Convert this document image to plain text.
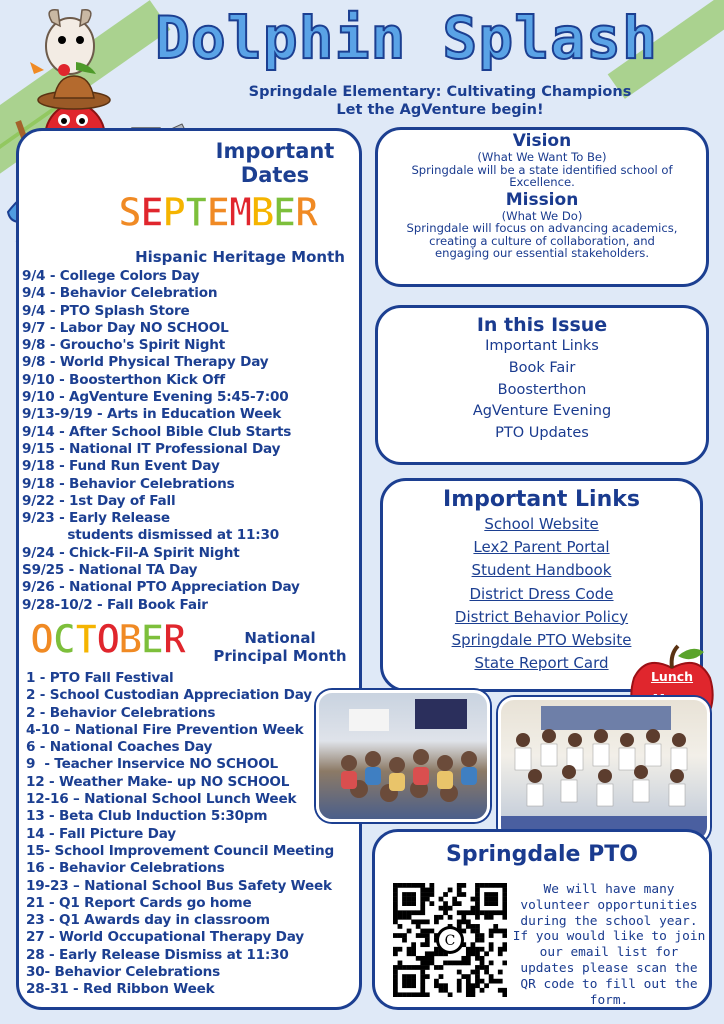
Dolphin Splash
Springdale Elementary: Cultivating Champions
Let the AgVenture begin!
Important Dates
SEPTEMBER
Hispanic Heritage Month
9/4 - College Colors Day
9/4 - Behavior Celebration
9/4 - PTO Splash Store
9/7 - Labor Day NO SCHOOL
9/8 - Groucho's Spirit Night
9/8 - World Physical Therapy Day
9/10 - Boosterthon Kick Off
9/10 - AgVenture Evening 5:45-7:00
9/13-9/19 - Arts in Education Week
9/14 - After School Bible Club Starts
9/15 - National IT Professional Day
9/18 - Fund Run Event Day
9/18 - Behavior Celebrations
9/22 - 1st Day of Fall
9/23 - Early Release
students dismissed at 11:30
9/24 - Chick-Fil-A Spirit Night
S9/25 - National TA Day
9/26 - National PTO Appreciation Day
9/28-10/2 - Fall Book Fair
OCTOBER	National
Principal Month
1 - PTO Fall Festival
2 - School Custodian Appreciation Day
2 - Behavior Celebrations
4-10 – National Fire Prevention Week
6 - National Coaches Day
9  - Teacher Inservice NO SCHOOL
12 - Weather Make- up NO SCHOOL
12-16 – National School Lunch Week
13 - Beta Club Induction 5:30pm
14 - Fall Picture Day
15- School Improvement Council Meeting
16 - Behavior Celebrations
19-23 – National School Bus Safety Week
21 - Q1 Report Cards go home
23 - Q1 Awards day in classroom
27 - World Occupational Therapy Day
28 - Early Release Dismiss at 11:30
30- Behavior Celebrations
28-31 - Red Ribbon Week
Vision

(What We Want To Be)

Springdale will be a state identified school of Excellence.

Mission

(What We Do)

Springdale will focus on advancing academics, creating a culture of collaboration, and engaging our essential stakeholders.

In this Issue
Important Links
Book Fair
Boosterthon
AgVenture Evening
PTO Updates
Important Links
School Website
Lex2 Parent Portal
Student Handbook
District Dress Code
District Behavior Policy
Springdale PTO Website
State Report Card
Lunch
Springdale PTO
C
We will have many volunteer opportunities during the school year. If you would like to join our email list for updates please scan the QR code to fill out the form.
